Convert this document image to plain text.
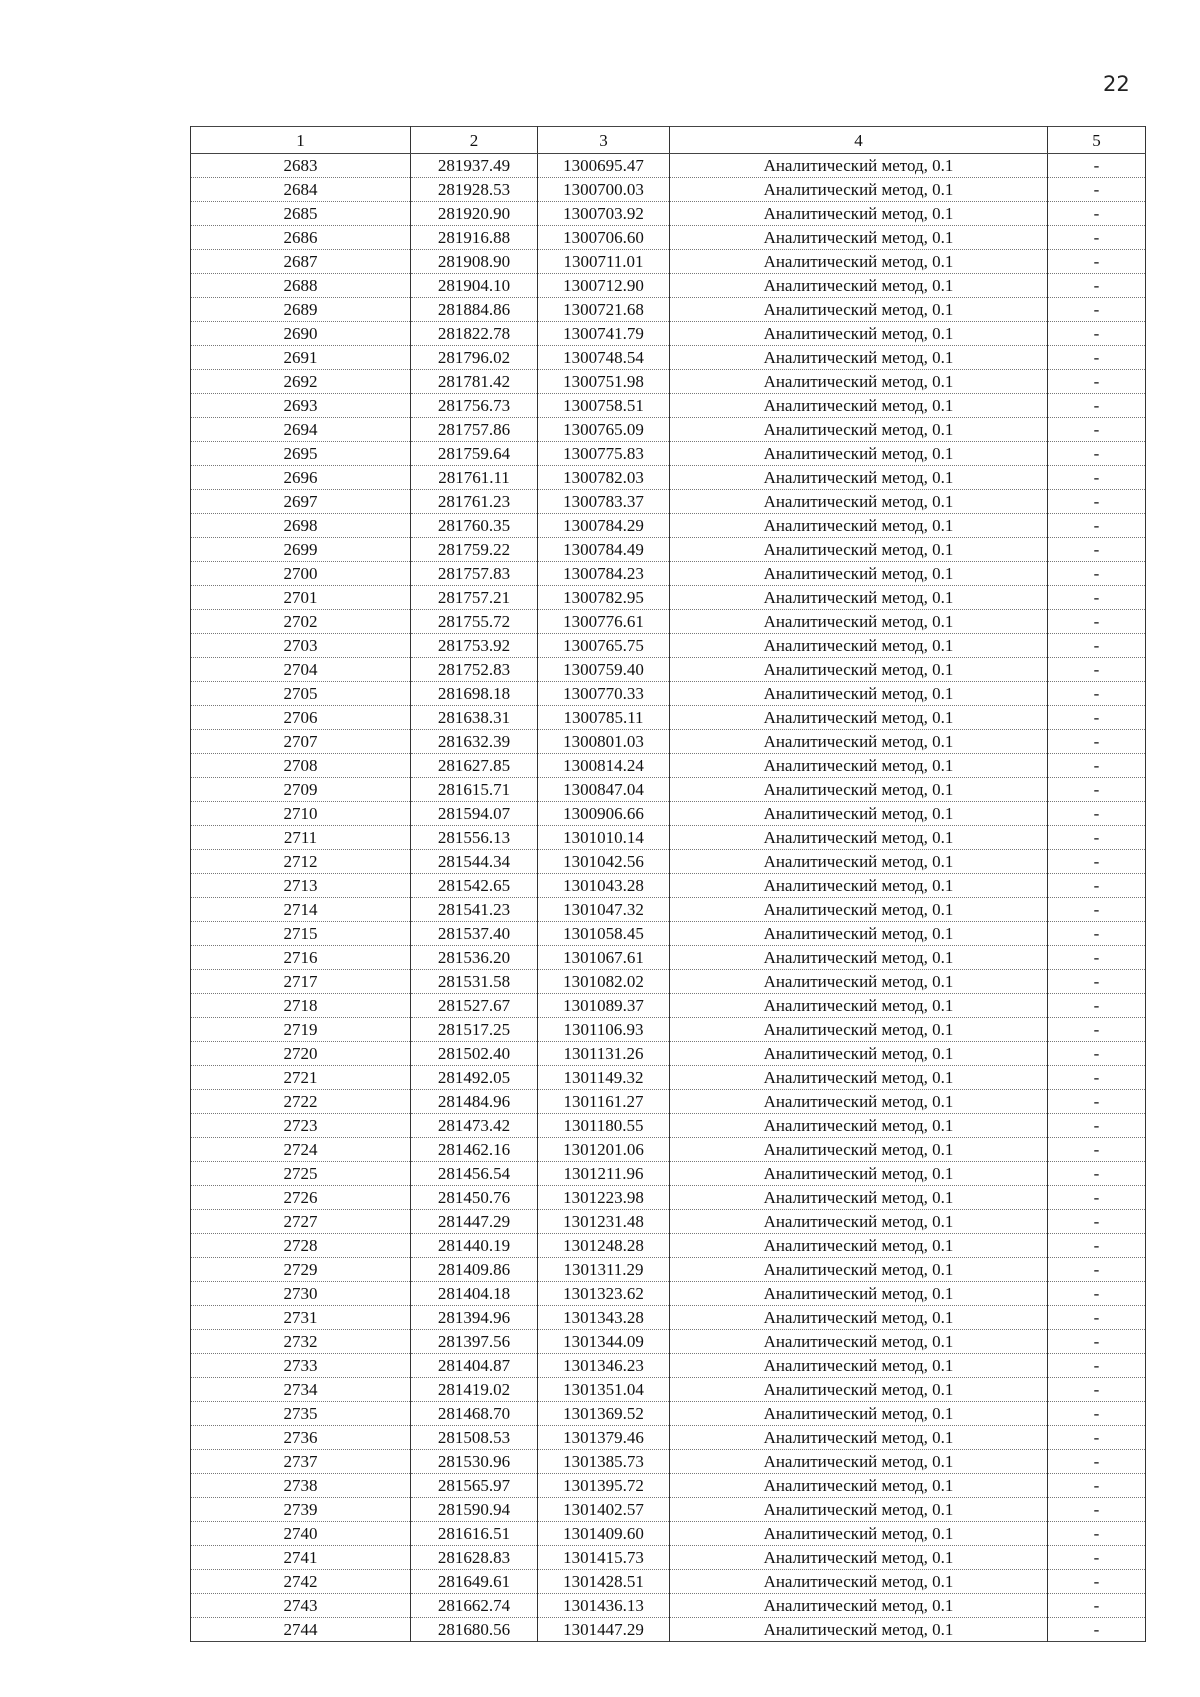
22
1	2	3	4	5
2683	281937.49	1300695.47	Аналитический метод, 0.1	-
2684	281928.53	1300700.03	Аналитический метод, 0.1	-
2685	281920.90	1300703.92	Аналитический метод, 0.1	-
2686	281916.88	1300706.60	Аналитический метод, 0.1	-
2687	281908.90	1300711.01	Аналитический метод, 0.1	-
2688	281904.10	1300712.90	Аналитический метод, 0.1	-
2689	281884.86	1300721.68	Аналитический метод, 0.1	-
2690	281822.78	1300741.79	Аналитический метод, 0.1	-
2691	281796.02	1300748.54	Аналитический метод, 0.1	-
2692	281781.42	1300751.98	Аналитический метод, 0.1	-
2693	281756.73	1300758.51	Аналитический метод, 0.1	-
2694	281757.86	1300765.09	Аналитический метод, 0.1	-
2695	281759.64	1300775.83	Аналитический метод, 0.1	-
2696	281761.11	1300782.03	Аналитический метод, 0.1	-
2697	281761.23	1300783.37	Аналитический метод, 0.1	-
2698	281760.35	1300784.29	Аналитический метод, 0.1	-
2699	281759.22	1300784.49	Аналитический метод, 0.1	-
2700	281757.83	1300784.23	Аналитический метод, 0.1	-
2701	281757.21	1300782.95	Аналитический метод, 0.1	-
2702	281755.72	1300776.61	Аналитический метод, 0.1	-
2703	281753.92	1300765.75	Аналитический метод, 0.1	-
2704	281752.83	1300759.40	Аналитический метод, 0.1	-
2705	281698.18	1300770.33	Аналитический метод, 0.1	-
2706	281638.31	1300785.11	Аналитический метод, 0.1	-
2707	281632.39	1300801.03	Аналитический метод, 0.1	-
2708	281627.85	1300814.24	Аналитический метод, 0.1	-
2709	281615.71	1300847.04	Аналитический метод, 0.1	-
2710	281594.07	1300906.66	Аналитический метод, 0.1	-
2711	281556.13	1301010.14	Аналитический метод, 0.1	-
2712	281544.34	1301042.56	Аналитический метод, 0.1	-
2713	281542.65	1301043.28	Аналитический метод, 0.1	-
2714	281541.23	1301047.32	Аналитический метод, 0.1	-
2715	281537.40	1301058.45	Аналитический метод, 0.1	-
2716	281536.20	1301067.61	Аналитический метод, 0.1	-
2717	281531.58	1301082.02	Аналитический метод, 0.1	-
2718	281527.67	1301089.37	Аналитический метод, 0.1	-
2719	281517.25	1301106.93	Аналитический метод, 0.1	-
2720	281502.40	1301131.26	Аналитический метод, 0.1	-
2721	281492.05	1301149.32	Аналитический метод, 0.1	-
2722	281484.96	1301161.27	Аналитический метод, 0.1	-
2723	281473.42	1301180.55	Аналитический метод, 0.1	-
2724	281462.16	1301201.06	Аналитический метод, 0.1	-
2725	281456.54	1301211.96	Аналитический метод, 0.1	-
2726	281450.76	1301223.98	Аналитический метод, 0.1	-
2727	281447.29	1301231.48	Аналитический метод, 0.1	-
2728	281440.19	1301248.28	Аналитический метод, 0.1	-
2729	281409.86	1301311.29	Аналитический метод, 0.1	-
2730	281404.18	1301323.62	Аналитический метод, 0.1	-
2731	281394.96	1301343.28	Аналитический метод, 0.1	-
2732	281397.56	1301344.09	Аналитический метод, 0.1	-
2733	281404.87	1301346.23	Аналитический метод, 0.1	-
2734	281419.02	1301351.04	Аналитический метод, 0.1	-
2735	281468.70	1301369.52	Аналитический метод, 0.1	-
2736	281508.53	1301379.46	Аналитический метод, 0.1	-
2737	281530.96	1301385.73	Аналитический метод, 0.1	-
2738	281565.97	1301395.72	Аналитический метод, 0.1	-
2739	281590.94	1301402.57	Аналитический метод, 0.1	-
2740	281616.51	1301409.60	Аналитический метод, 0.1	-
2741	281628.83	1301415.73	Аналитический метод, 0.1	-
2742	281649.61	1301428.51	Аналитический метод, 0.1	-
2743	281662.74	1301436.13	Аналитический метод, 0.1	-
2744	281680.56	1301447.29	Аналитический метод, 0.1	-
